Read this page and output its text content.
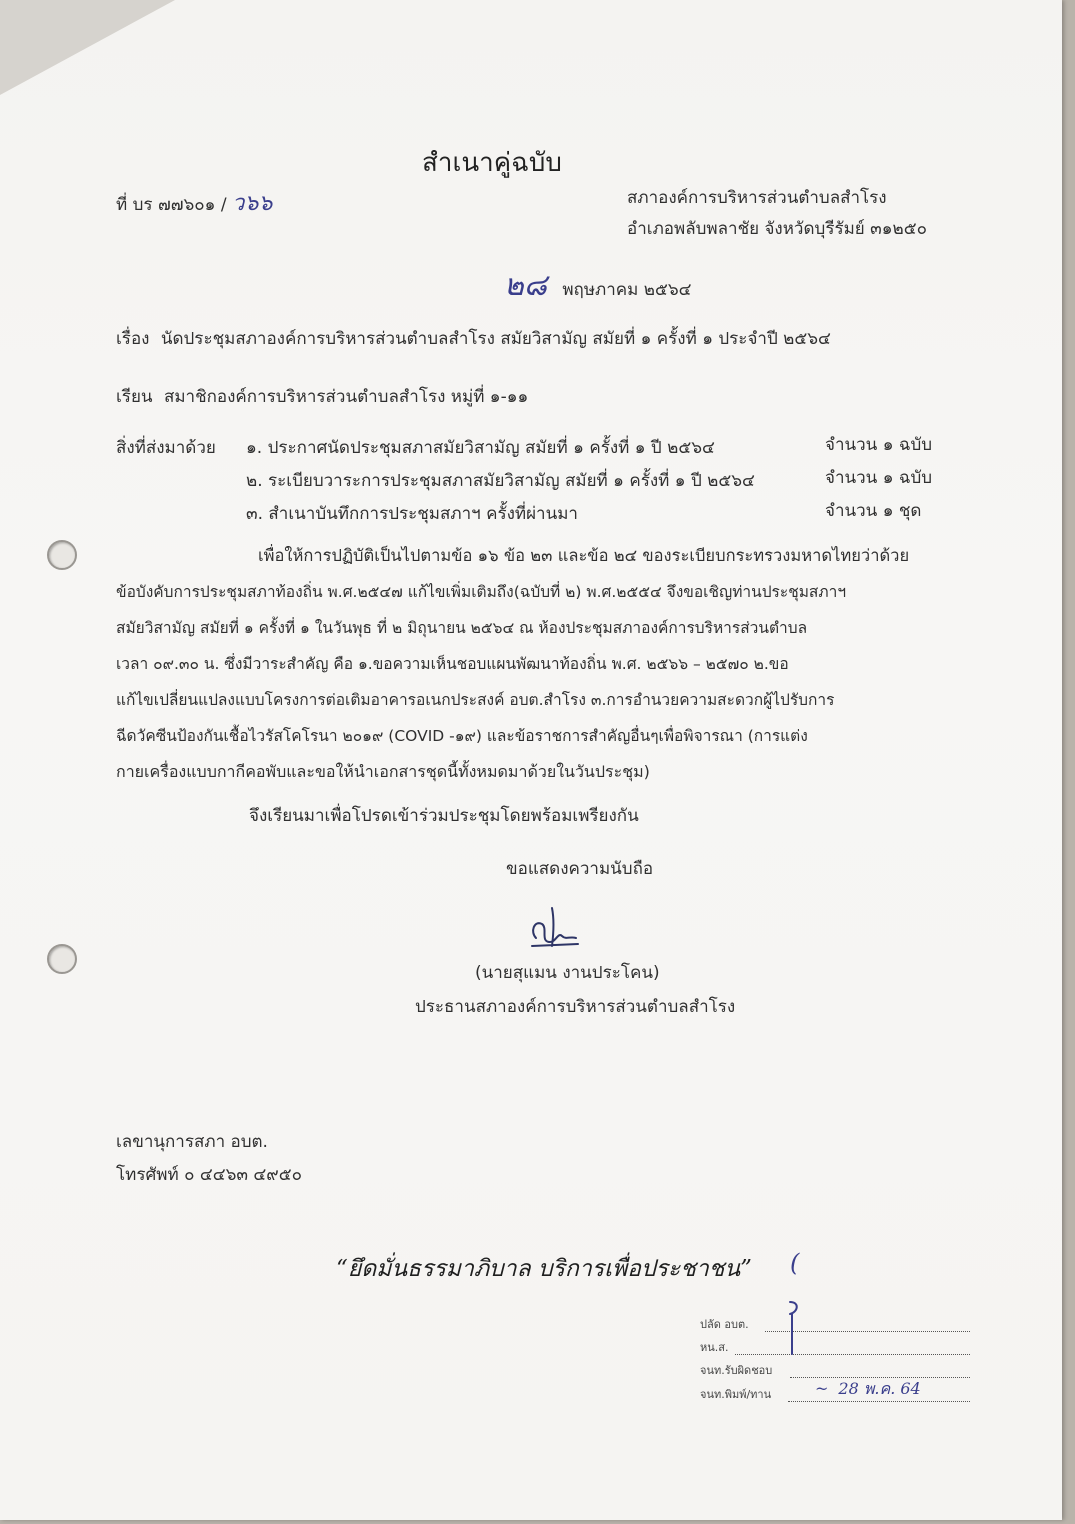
สำเนาคู่ฉบับ
ที่ บร ๗๗๖๐๑ / ว๖๖	สภาองค์การบริหารส่วนตำบลสำโรง
อำเภอพลับพลาชัย จังหวัดบุรีรัมย์ ๓๑๒๕๐
๒๘ พฤษภาคม ๒๕๖๔
เรื่อง นัดประชุมสภาองค์การบริหารส่วนตำบลสำโรง สมัยวิสามัญ สมัยที่ ๑ ครั้งที่ ๑ ประจำปี ๒๕๖๔
เรียน สมาชิกองค์การบริหารส่วนตำบลสำโรง หมู่ที่ ๑-๑๑
สิ่งที่ส่งมาด้วย ๑. ประกาศนัดประชุมสภาสมัยวิสามัญ สมัยที่ ๑ ครั้งที่ ๑ ปี ๒๕๖๔	จำนวน ๑ ฉบับ
๒. ระเบียบวาระการประชุมสภาสมัยวิสามัญ สมัยที่ ๑ ครั้งที่ ๑ ปี ๒๕๖๔	จำนวน ๑ ฉบับ
๓. สำเนาบันทึกการประชุมสภาฯ ครั้งที่ผ่านมา	จำนวน ๑ ชุด
เพื่อให้การปฏิบัติเป็นไปตามข้อ ๑๖ ข้อ ๒๓ และข้อ ๒๔ ของระเบียบกระทรวงมหาดไทยว่าด้วย
ข้อบังคับการประชุมสภาท้องถิ่น พ.ศ.๒๕๔๗ แก้ไขเพิ่มเติมถึง(ฉบับที่ ๒) พ.ศ.๒๕๕๔ จึงขอเชิญท่านประชุมสภาฯ
สมัยวิสามัญ สมัยที่ ๑ ครั้งที่ ๑ ในวันพุธ ที่ ๒ มิถุนายน ๒๕๖๔ ณ ห้องประชุมสภาองค์การบริหารส่วนตำบล
เวลา ๐๙.๓๐ น. ซึ่งมีวาระสำคัญ คือ ๑.ขอความเห็นชอบแผนพัฒนาท้องถิ่น พ.ศ. ๒๕๖๖ – ๒๕๗๐ ๒.ขอ
แก้ไขเปลี่ยนแปลงแบบโครงการต่อเติมอาคารอเนกประสงค์ อบต.สำโรง ๓.การอำนวยความสะดวกผู้ไปรับการ
ฉีดวัคซีนป้องกันเชื้อไวรัสโคโรนา ๒๐๑๙ (COVID -๑๙) และข้อราชการสำคัญอื่นๆเพื่อพิจารณา (การแต่ง
กายเครื่องแบบกากีคอพับและขอให้นำเอกสารชุดนี้ทั้งหมดมาด้วยในวันประชุม)
จึงเรียนมาเพื่อโปรดเข้าร่วมประชุมโดยพร้อมเพรียงกัน
ขอแสดงความนับถือ
(นายสุแมน งานประโคน)
ประธานสภาองค์การบริหารส่วนตำบลสำโรง
เลขานุการสภา อบต.
โทรศัพท์ ๐ ๔๔๖๓ ๔๙๕๐
“ยึดมั่นธรรมาภิบาล บริการเพื่อประชาชน” (
ปลัด อบต.
หน.ส.
จนท.รับผิดชอบ
จนท.พิมพ์/ทาน	~ 28 พ.ค. 64
